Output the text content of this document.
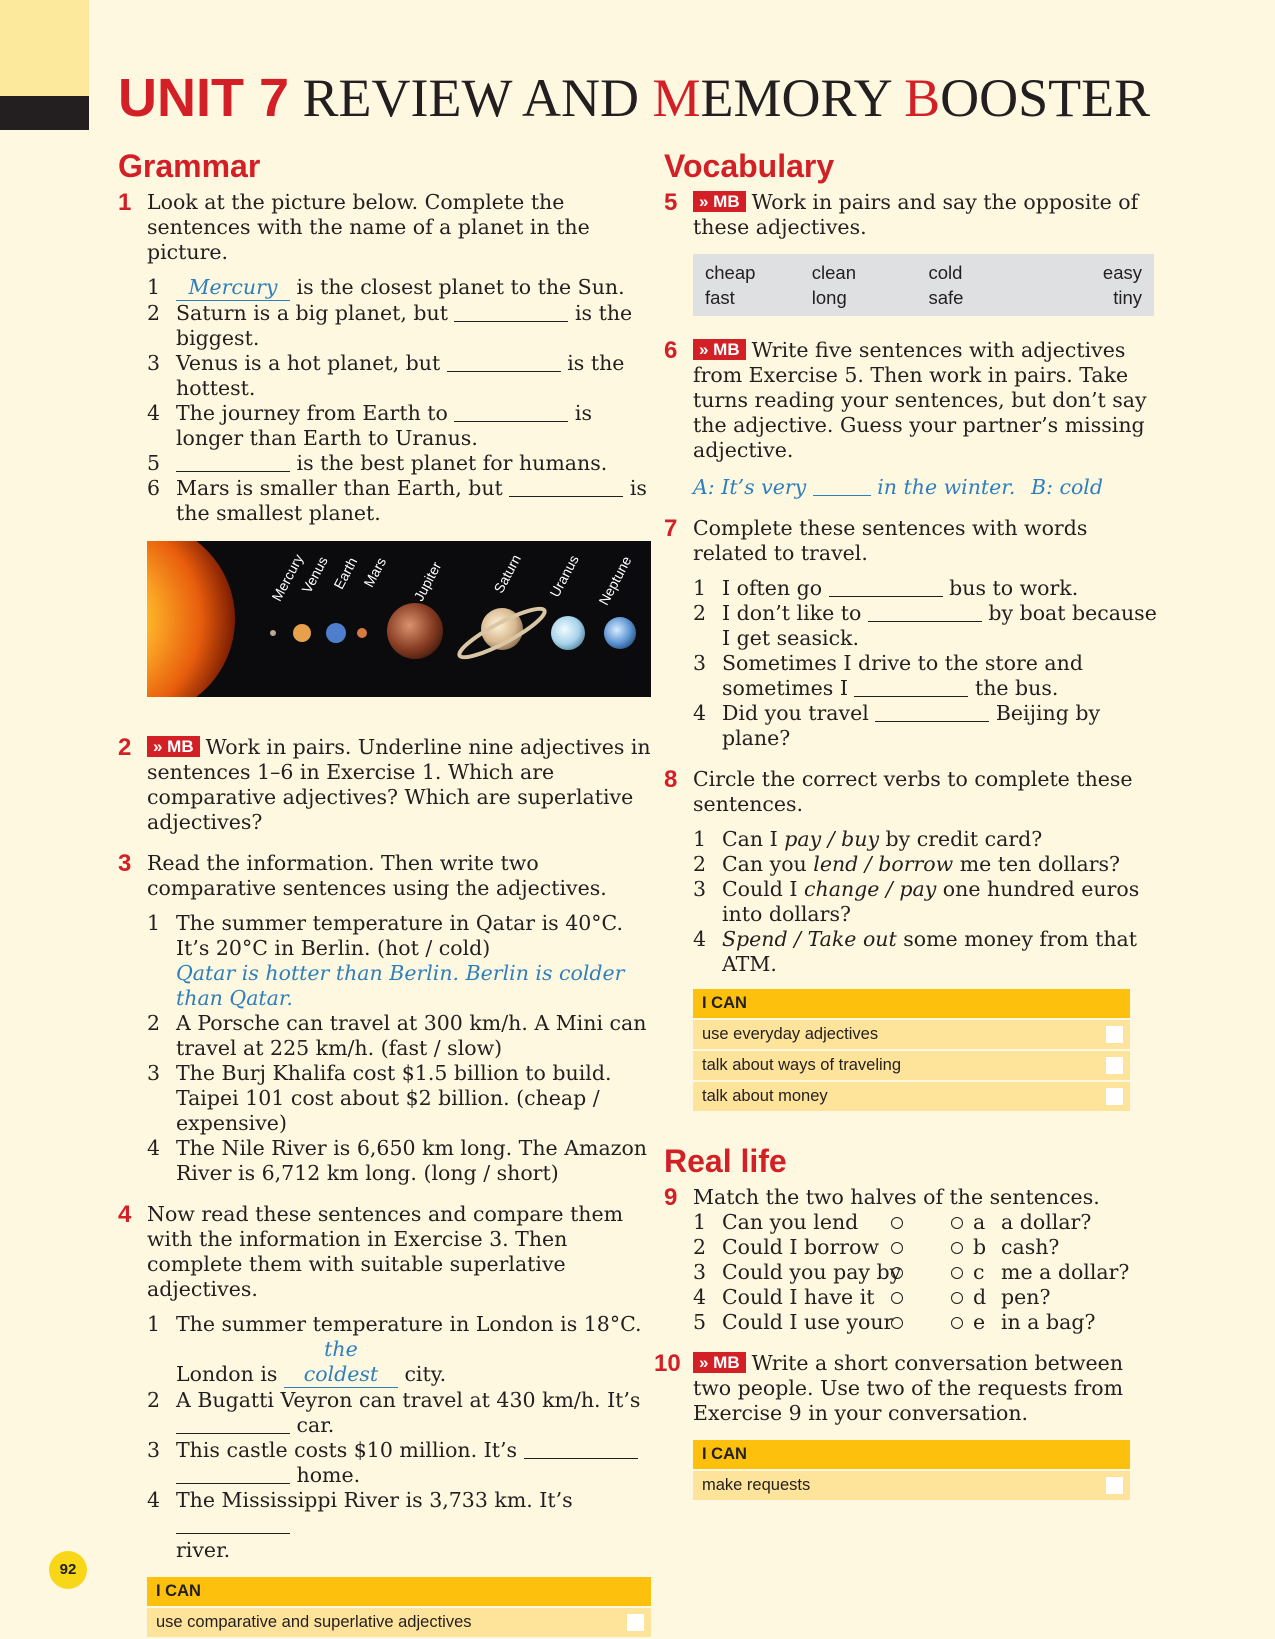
UNIT 7 REVIEW AND MEMORY BOOSTER
Grammar
1 Look at the picture below. Complete the sentences with the name of a planet in the picture.
1 Mercury is the closest planet to the Sun.
2 Saturn is a big planet, but	is the biggest.
3 Venus is a hot planet, but	is the hottest.
4 The journey from Earth to	is longer than Earth to Uranus.
5	is the best planet for humans.
6 Mars is smaller than Earth, but	is the smallest planet.
Mercury
Venus Earth Mars	Jupiter	Saturn	Uranus Neptune
2	» MB Work in pairs. Underline nine adjectives in sentences 1–6 in Exercise 1. Which are comparative adjectives? Which are superlative adjectives?
3 Read the information. Then write two comparative sentences using the adjectives.
1 The summer temperature in Qatar is 40°C. It’s 20°C in Berlin. (hot / cold)
Qatar is hotter than Berlin. Berlin is colder than Qatar.
2 A Porsche can travel at 300 km/h. A Mini can travel at 225 km/h. (fast / slow)
3 The Burj Khalifa cost $1.5 billion to build. Taipei 101 cost about $2 billion. (cheap / expensive)
4 The Nile River is 6,650 km long. The Amazon River is 6,712 km long. (long / short)
4 Now read these sentences and compare them with the information in Exercise 3. Then complete them with suitable superlative adjectives.
1 The summer temperature in London is 18°C. London is the coldest city.
2 A Bugatti Veyron can travel at 430 km/h. It’s
car.
3 This castle costs $10 million. It’s
home.
4 The Mississippi River is 3,733 km. It’s
river.
I CAN
use comparative and superlative adjectives
Vocabulary
5	» MB Work in pairs and say the opposite of these adjectives.
cheap	clean	cold	easy
fast	long	safe	tiny
6	» MB Write five sentences with adjectives from Exercise 5. Then work in pairs. Take turns reading your sentences, but don’t say the adjective. Guess your partner’s missing adjective.
A: It’s very	in the winter. B: cold
7 Complete these sentences with words related to travel.
1 I often go	bus to work.
2 I don’t like to	by boat because I get seasick.
3 Sometimes I drive to the store and sometimes I	the bus.
4 Did you travel	Beijing by plane?
8 Circle the correct verbs to complete these sentences.
1 Can I pay / buy by credit card?
2 Can you lend / borrow me ten dollars?
3 Could I change / pay one hundred euros into dollars?
4 Spend / Take out some money from that ATM.
I CAN
use everyday adjectives
talk about ways of traveling
talk about money
Real life
9 Match the two halves of the sentences.
1 Can you lend	a a dollar?
2 Could I borrow	b cash?
3 Could you pay by	c me a dollar?
4 Could I have it	d pen?
5 Could I use your	e in a bag?
10	» MB Write a short conversation between two people. Use two of the requests from Exercise 9 in your conversation.
I CAN
make requests
92
